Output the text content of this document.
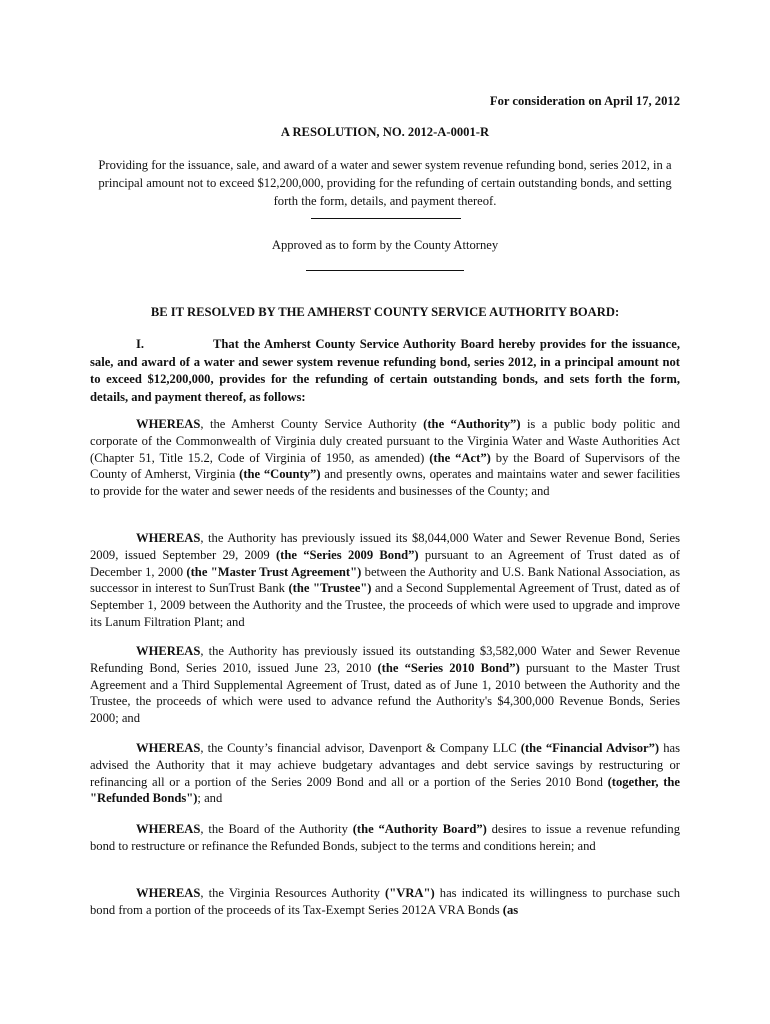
For consideration on April 17, 2012
A RESOLUTION, NO. 2012-A-0001-R
Providing for the issuance, sale, and award of a water and sewer system revenue refunding bond, series 2012, in a principal amount not to exceed $12,200,000, providing for the refunding of certain outstanding bonds, and setting forth the form, details, and payment thereof.
Approved as to form by the County Attorney
BE IT RESOLVED BY THE AMHERST COUNTY SERVICE AUTHORITY BOARD:
I.	That the Amherst County Service Authority Board hereby provides for the issuance, sale, and award of a water and sewer system revenue refunding bond, series 2012, in a principal amount not to exceed $12,200,000, provides for the refunding of certain outstanding bonds, and sets forth the form, details, and payment thereof, as follows:
WHEREAS, the Amherst County Service Authority (the “Authority”) is a public body politic and corporate of the Commonwealth of Virginia duly created pursuant to the Virginia Water and Waste Authorities Act (Chapter 51, Title 15.2, Code of Virginia of 1950, as amended) (the “Act”) by the Board of Supervisors of the County of Amherst, Virginia (the “County”) and presently owns, operates and maintains water and sewer facilities to provide for the water and sewer needs of the residents and businesses of the County; and
WHEREAS, the Authority has previously issued its $8,044,000 Water and Sewer Revenue Bond, Series 2009, issued September 29, 2009 (the “Series 2009 Bond”) pursuant to an Agreement of Trust dated as of December 1, 2000 (the "Master Trust Agreement") between the Authority and U.S. Bank National Association, as successor in interest to SunTrust Bank (the "Trustee") and a Second Supplemental Agreement of Trust, dated as of September 1, 2009 between the Authority and the Trustee, the proceeds of which were used to upgrade and improve its Lanum Filtration Plant; and
WHEREAS, the Authority has previously issued its outstanding $3,582,000 Water and Sewer Revenue Refunding Bond, Series 2010, issued June 23, 2010 (the “Series 2010 Bond”) pursuant to the Master Trust Agreement and a Third Supplemental Agreement of Trust, dated as of June 1, 2010 between the Authority and the Trustee, the proceeds of which were used to advance refund the Authority's $4,300,000 Revenue Bonds, Series 2000; and
WHEREAS, the County’s financial advisor, Davenport & Company LLC (the “Financial Advisor”) has advised the Authority that it may achieve budgetary advantages and debt service savings by restructuring or refinancing all or a portion of the Series 2009 Bond and all or a portion of the Series 2010 Bond (together, the "Refunded Bonds"); and
WHEREAS, the Board of the Authority (the “Authority Board”) desires to issue a revenue refunding bond to restructure or refinance the Refunded Bonds, subject to the terms and conditions herein; and
WHEREAS, the Virginia Resources Authority ("VRA") has indicated its willingness to purchase such bond from a portion of the proceeds of its Tax-Exempt Series 2012A VRA Bonds (as
